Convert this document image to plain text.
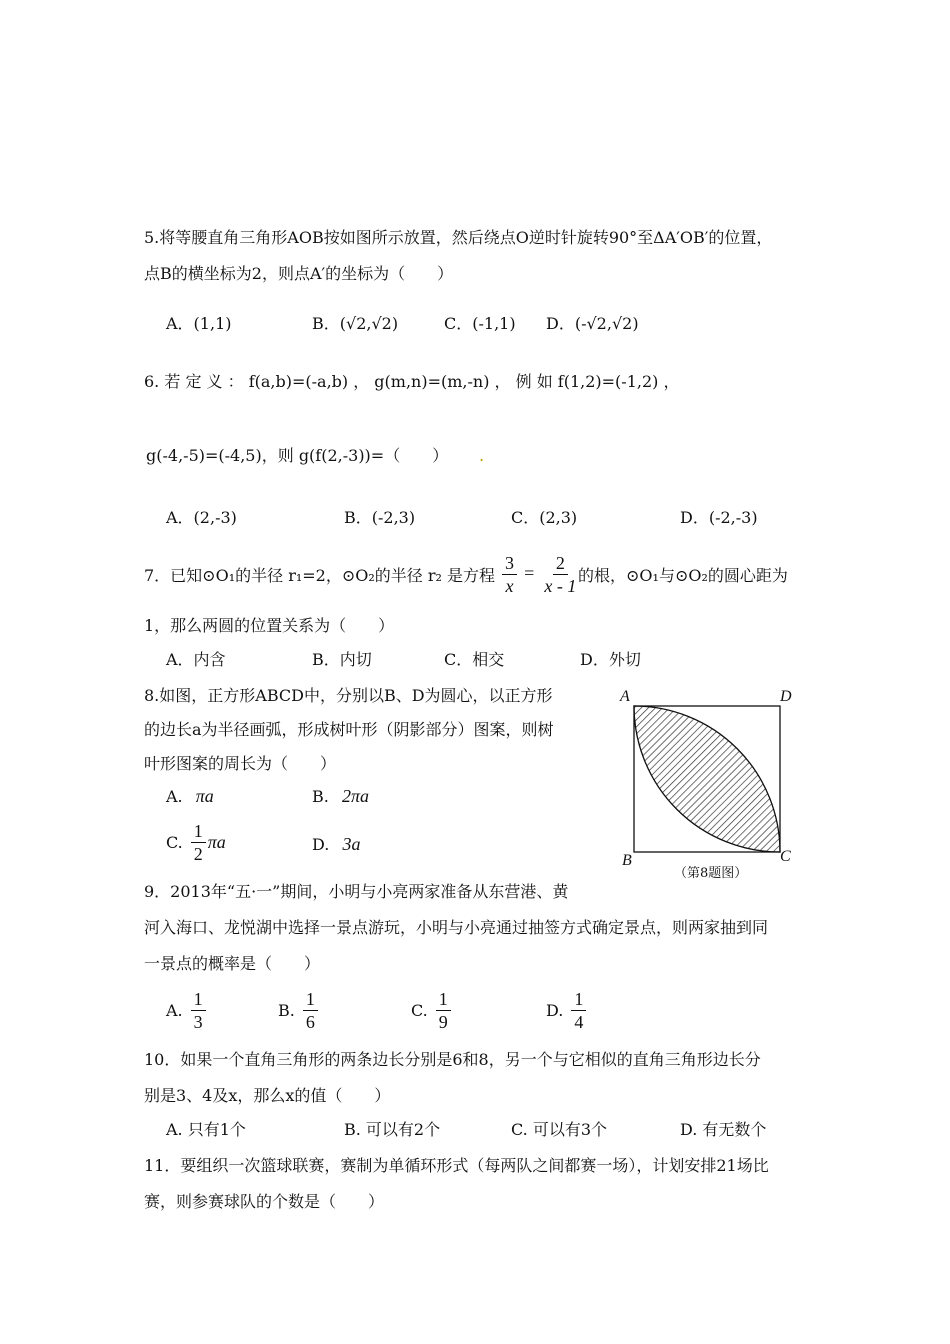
5.将等腰直角三角形AOB按如图所示放置，然后绕点O逆时针旋转90°至ΔA′OB′的位置，
点B的横坐标为2，则点A′的坐标为（　　）
A．(1,1)	B．(√2,√2)	C．(-1,1) D．(-√2,√2)
6. 若 定 义 ： f(a,b)=(-a,b) ， g(m,n)=(m,-n) ， 例 如 f(1,2)=(-1,2) ，
g(-4,-5)=(-4,5)，则 g(f(2,-3))=（　　） .
A．(2,-3)	B．(-2,3)	C．(2,3)	D．(-2,-3)
7．已知⊙O₁的半径 r₁=2，⊙O₂的半径 r₂ 是方程 $\frac{3}{x} = \frac{2}{x - 1}$
的根，⊙O₁与⊙O₂的圆心距为
1，那么两圆的位置关系为（　　）
A．内含	B．内切	C．相交	D．外切
8.如图，正方形ABCD中，分别以B、D为圆心，以正方形
的边长a为半径画弧，形成树叶形（阴影部分）图案，则树
叶形图案的周长为（　　）
A. πa	B. 2πa
C. $\frac{1}{2}$ πa	D. 3a
A	D
B	C
（第8题图）
9．2013年“五·一”期间，小明与小亮两家准备从东营港、黄
河入海口、龙悦湖中选择一景点游玩，小明与小亮通过抽签方式确定景点，则两家抽到同
一景点的概率是（　　）
A. $\frac{1}{3}$	B. $\frac{1}{6}$	C. $\frac{1}{9}$	D. $\frac{1}{4}$
10．如果一个直角三角形的两条边长分别是6和8，另一个与它相似的直角三角形边长分
别是3、4及x，那么x的值（　　）
A. 只有1个	B. 可以有2个	C. 可以有3个	D. 有无数个
11．要组织一次篮球联赛，赛制为单循环形式（每两队之间都赛一场），计划安排21场比
赛，则参赛球队的个数是（　　）
